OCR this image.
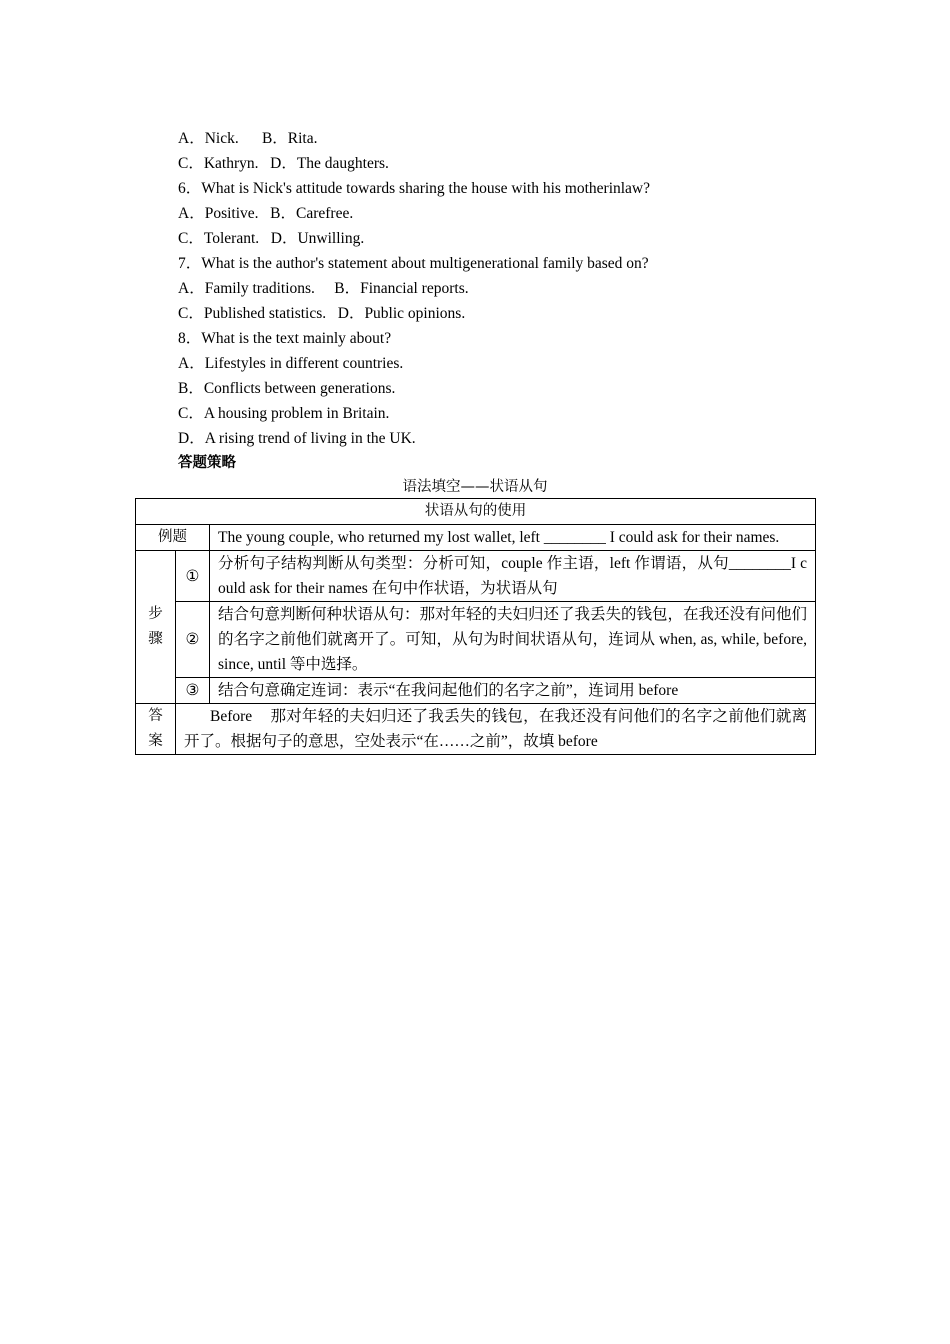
A．Nick.  B．Rita.
C．Kathryn.  D．The daughters.
6．What is Nick's attitude towards sharing the house with his motherinlaw?
A．Positive.  B．Carefree.
C．Tolerant.  D．Unwilling.
7．What is the author's statement about multigenerational family based on?
A．Family traditions.  B．Financial reports.
C．Published statistics.  D．Public opinions.
8．What is the text mainly about?
A．Lifestyles in different countries.
B．Conflicts between generations.
C．A housing problem in Britain.
D．A rising trend of living in the UK.
答题策略
语法填空——状语从句
状语从句的使用		
例题		The young couple, who returned my lost wallet, left ________ I could ask for their names.
步骤	①	分析句子结构判断从句类型：分析可知，couple 作主语，left 作谓语，从句________I could ask for their names 在句中作状语，为状语从句
	②	结合句意判断何种状语从句：那对年轻的夫妇归还了我丢失的钱包，在我还没有问他们的名字之前他们就离开了。可知，从句为时间状语从句，连词从 when, as, while, before, since, until 等中选择。
	③	结合句意确定连词：表示“在我问起他们的名字之前”，连词用 before
答案	Before 那对年轻的夫妇归还了我丢失的钱包，在我还没有问他们的名字之前他们就离开了。根据句子的意思，空处表示“在……之前”，故填 before	
